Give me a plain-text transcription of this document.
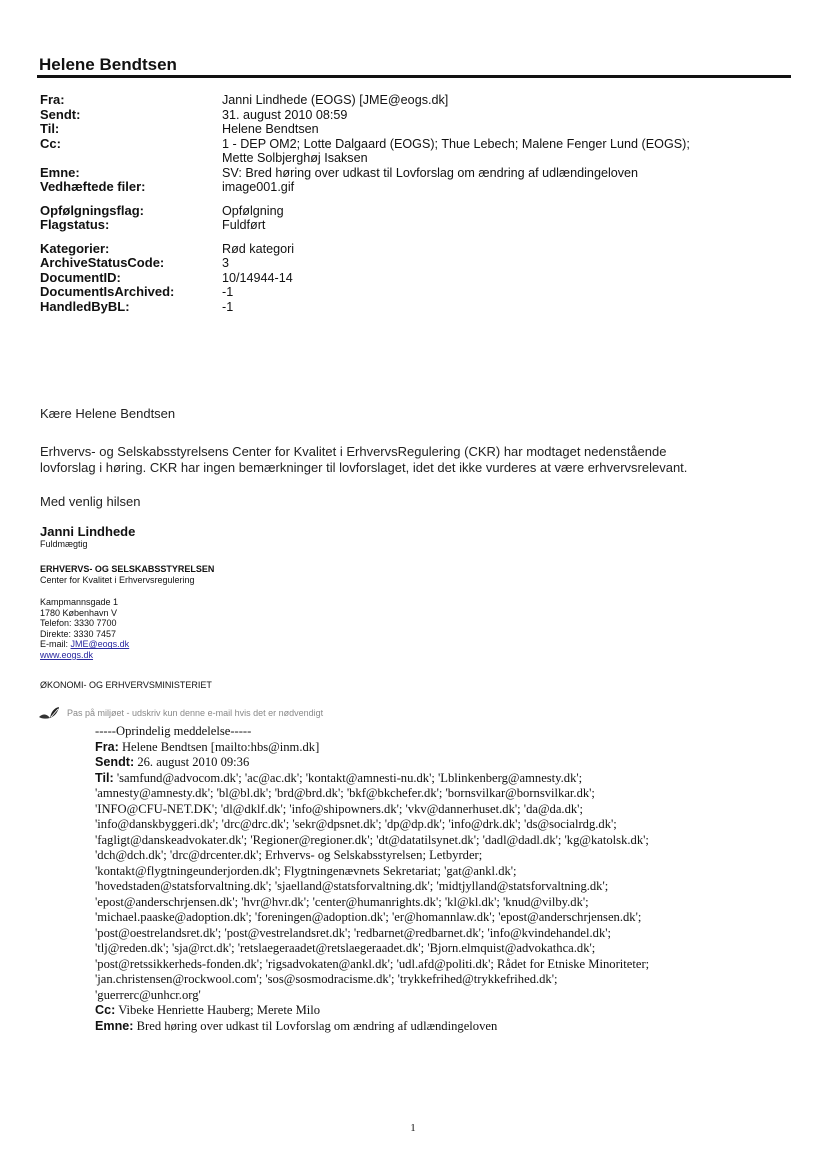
Helene Bendtsen
Fra:	Janni Lindhede (EOGS) [JME@eogs.dk]
Sendt:	31. august 2010 08:59
Til:	Helene Bendtsen
Cc:	1 - DEP OM2; Lotte Dalgaard (EOGS); Thue Lebech; Malene Fenger Lund (EOGS);
Mette Solbjerghøj Isaksen
Emne:	SV: Bred høring over udkast til Lovforslag om ændring af udlændingeloven
Vedhæftede filer:	image001.gif
Opfølgningsflag:	Opfølgning
Flagstatus:	Fuldført
Kategorier:	Rød kategori
ArchiveStatusCode:	3
DocumentID:	10/14944-14
DocumentIsArchived:	-1
HandledByBL:	-1
Kære Helene Bendtsen
Erhvervs- og Selskabsstyrelsens Center for Kvalitet i ErhvervsRegulering (CKR) har modtaget nedenstående
lovforslag i høring. CKR har ingen bemærkninger til lovforslaget, idet det ikke vurderes at være erhvervsrelevant.
Med venlig hilsen
Janni Lindhede
Fuldmægtig
ERHVERVS- OG SELSKABSSTYRELSEN
Center for Kvalitet i Erhvervsregulering
Kampmannsgade 1
1780 København V
Telefon: 3330 7700
Direkte: 3330 7457
E-mail: JME@eogs.dk
www.eogs.dk
ØKONOMI- OG ERHVERVSMINISTERIET
Pas på miljøet - udskriv kun denne e-mail hvis det er nødvendigt
-----Oprindelig meddelelse-----
Fra: Helene Bendtsen [mailto:hbs@inm.dk]
Sendt: 26. august 2010 09:36
Til: 'samfund@advocom.dk'; 'ac@ac.dk'; 'kontakt@amnesti-nu.dk'; 'Lblinkenberg@amnesty.dk';
'amnesty@amnesty.dk'; 'bl@bl.dk'; 'brd@brd.dk'; 'bkf@bkchefer.dk'; 'bornsvilkar@bornsvilkar.dk';
'INFO@CFU-NET.DK'; 'dl@dklf.dk'; 'info@shipowners.dk'; 'vkv@dannerhuset.dk'; 'da@da.dk';
'info@danskbyggeri.dk'; 'drc@drc.dk'; 'sekr@dpsnet.dk'; 'dp@dp.dk'; 'info@drk.dk'; 'ds@socialrdg.dk';
'fagligt@danskeadvokater.dk'; 'Regioner@regioner.dk'; 'dt@datatilsynet.dk'; 'dadl@dadl.dk'; 'kg@katolsk.dk';
'dch@dch.dk'; 'drc@drcenter.dk'; Erhvervs- og Selskabsstyrelsen; Letbyrder;
'kontakt@flygtningeunderjorden.dk'; Flygtningenævnets Sekretariat; 'gat@ankl.dk';
'hovedstaden@statsforvaltning.dk'; 'sjaelland@statsforvaltning.dk'; 'midtjylland@statsforvaltning.dk';
'epost@anderschrjensen.dk'; 'hvr@hvr.dk'; 'center@humanrights.dk'; 'kl@kl.dk'; 'knud@vilby.dk';
'michael.paaske@adoption.dk'; 'foreningen@adoption.dk'; 'er@homannlaw.dk'; 'epost@anderschrjensen.dk';
'post@oestrelandsret.dk'; 'post@vestrelandsret.dk'; 'redbarnet@redbarnet.dk'; 'info@kvindehandel.dk';
'tlj@reden.dk'; 'sja@rct.dk'; 'retslaegeraadet@retslaegeraadet.dk'; 'Bjorn.elmquist@advokathca.dk';
'post@retssikkerheds-fonden.dk'; 'rigsadvokaten@ankl.dk'; 'udl.afd@politi.dk'; Rådet for Etniske Minoriteter;
'jan.christensen@rockwool.com'; 'sos@sosmodracisme.dk'; 'trykkefrihed@trykkefrihed.dk';
'guerrerc@unhcr.org'
Cc: Vibeke Henriette Hauberg; Merete Milo
Emne: Bred høring over udkast til Lovforslag om ændring af udlændingeloven
1
